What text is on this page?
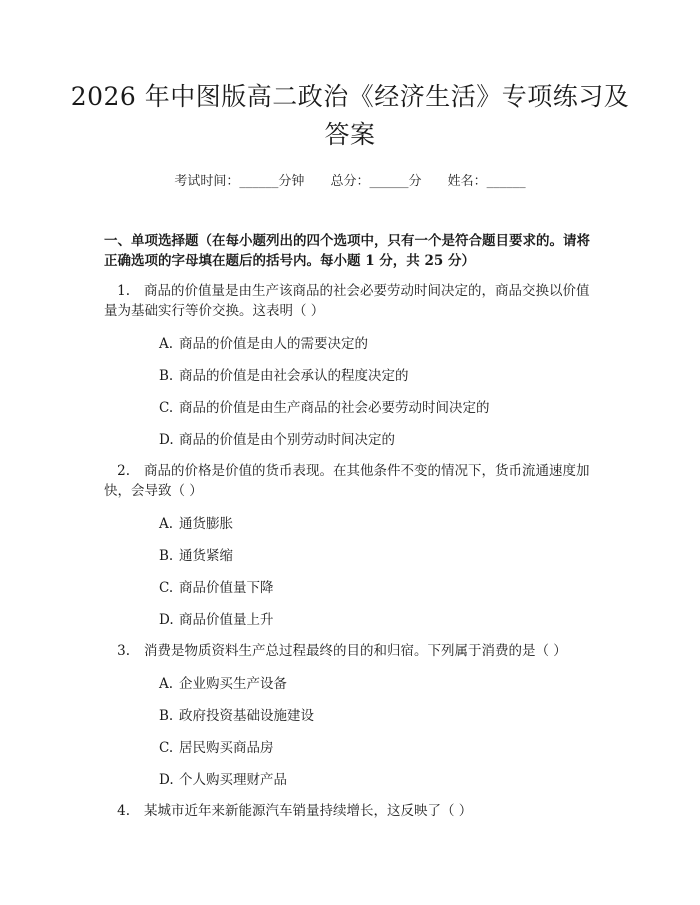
2026 年中图版高二政治《经济生活》专项练习及答案
考试时间：______分钟 总分：______分 姓名：______
一、单项选择题（在每小题列出的四个选项中，只有一个是符合题目要求的。请将正确选项的字母填在题后的括号内。每小题 1 分，共 25 分）
1. 商品的价值量是由生产该商品的社会必要劳动时间决定的，商品交换以价值量为基础实行等价交换。这表明（ ）
A. 商品的价值是由人的需要决定的
B. 商品的价值是由社会承认的程度决定的
C. 商品的价值是由生产商品的社会必要劳动时间决定的
D. 商品的价值是由个别劳动时间决定的
2. 商品的价格是价值的货币表现。在其他条件不变的情况下，货币流通速度加快，会导致（ ）
A. 通货膨胀
B. 通货紧缩
C. 商品价值量下降
D. 商品价值量上升
3. 消费是物质资料生产总过程最终的目的和归宿。下列属于消费的是（ ）
A. 企业购买生产设备
B. 政府投资基础设施建设
C. 居民购买商品房
D. 个人购买理财产品
4. 某城市近年来新能源汽车销量持续增长，这反映了（ ）
